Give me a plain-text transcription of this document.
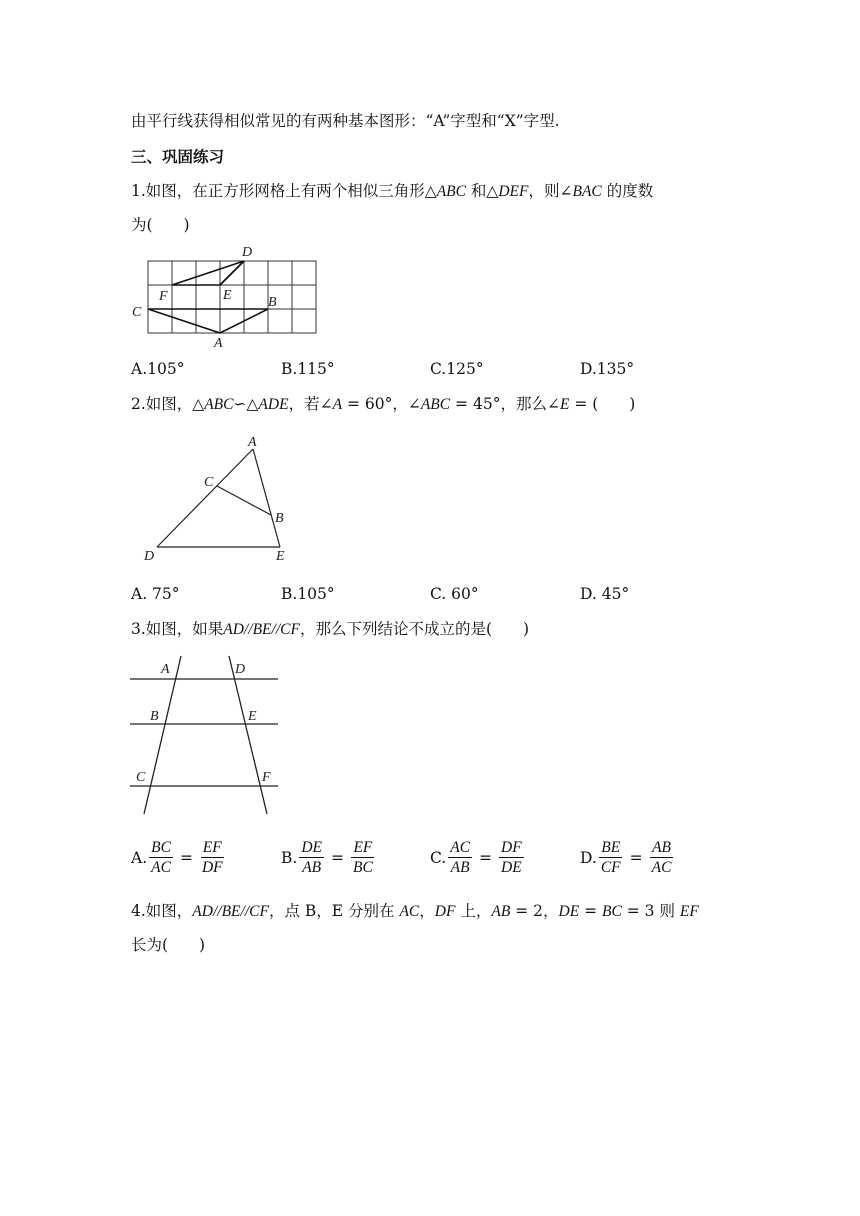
由平行线获得相似常见的有两种基本图形：“A”字型和“X”字型.
三、巩固练习
1.如图，在正方形网格上有两个相似三角形△ABC 和△DEF，则∠BAC 的度数
为(　　)
D
F	E	B
C
A
A.105°	B.115°	C.125°	D.135°
2.如图，△ABC∽△ADE，若∠A = 60°，∠ABC = 45°，那么∠E = (　　)
A
C
B
D	E
A. 75°	B.105°	C. 60°	D. 45°
3.如图，如果AD//BE//CF，那么下列结论不成立的是(　　)
A	D
B	E
C	F
A. $\frac{BC}{AC} = \frac{EF}{DF}$	B. $\frac{DE}{AB} = \frac{EF}{BC}$	C. $\frac{AC}{AB} = \frac{DF}{DE}$	D. $\frac{BE}{CF} = \frac{AB}{AC}$
4.如图，AD//BE//CF，点 B，E 分别在 AC，DF 上，AB = 2，DE = BC = 3 则 EF
长为(　　)
